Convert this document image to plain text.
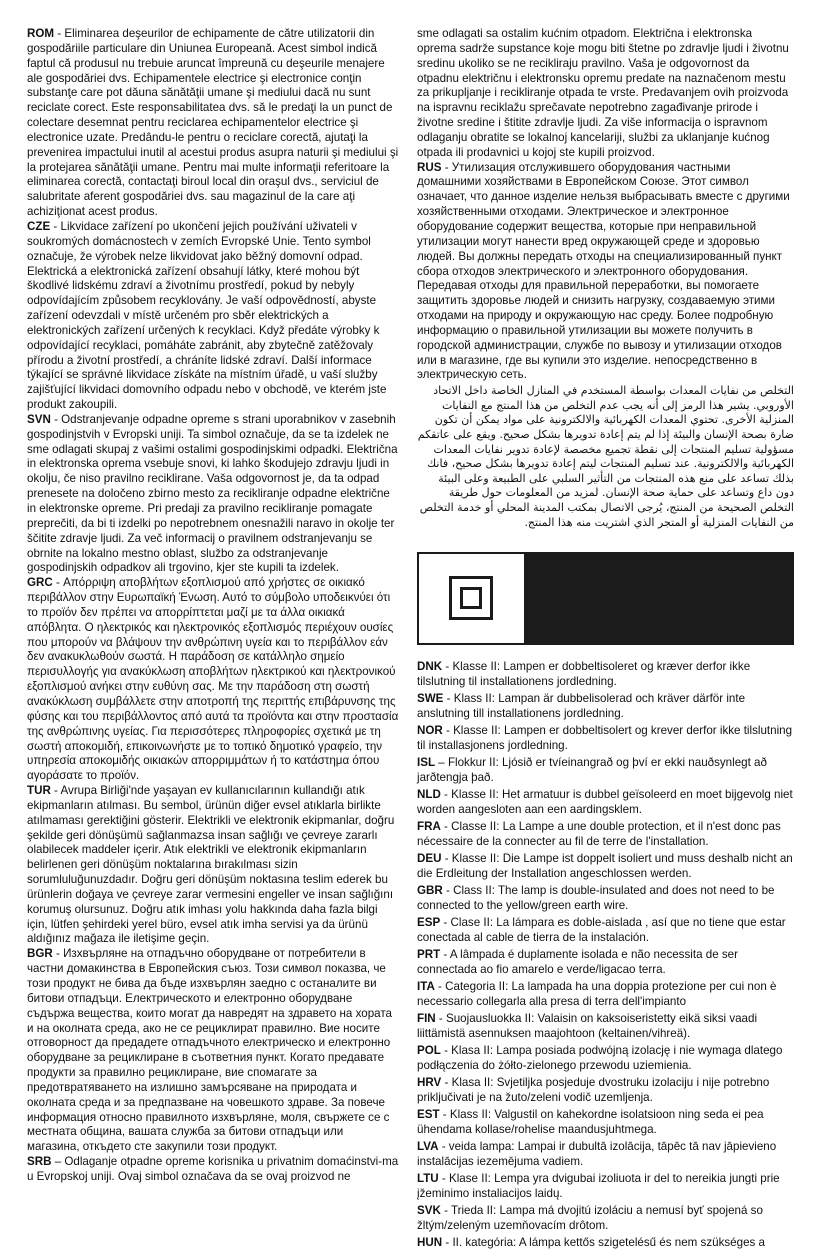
ROM - Eliminarea deşeurilor de echipamente de către utilizatorii din gospodăriile particulare din Uniunea Europeană. Acest simbol indică faptul că produsul nu trebuie aruncat împreună cu deşeurile menajere ale gospodăriei dvs. Echipamentele electrice şi electronice conţin substanţe care pot dăuna sănătăţii umane şi mediului dacă nu sunt reciclate corect. Este responsabilitatea dvs. să le predaţi la un punct de colectare desemnat pentru reciclarea echipamentelor electrice şi electronice uzate. Predându-le pentru o reciclare corectă, ajutaţi la prevenirea impactului inutil al acestui produs asupra naturii şi mediului şi la protejarea sănătăţii umane. Pentru mai multe informaţii referitoare la eliminarea corectă, contactaţi biroul local din oraşul dvs., serviciul de salubritate aferent gospodăriei dvs. sau magazinul de la care aţi achiziţionat acest produs.

CZE - Likvidace zařízení po ukončení jejich používání uživateli v soukromých domácnostech v zemích Evropské Unie. Tento symbol označuje, že výrobek nelze likvidovat jako běžný domovní odpad. Elektrická a elektronická zařízení obsahují látky, které mohou být škodlivé lidskému zdraví a životnímu prostředí, pokud by nebyly odpovídajícím způsobem recyklovány. Je vaší odpovědností, abyste zařízení odevzdali v místě určeném pro sběr elektrických a elektronických zařízení určených k recyklaci. Když předáte výrobky k odpovídající recyklaci, pomáháte zabránit, aby zbytečně zatěžovaly přírodu a životní prostředí, a chráníte lidské zdraví. Další informace týkající se správné likvidace získáte na místním úřadě, u vaší služby zajišťující likvidaci domovního odpadu nebo v obchodě, ve kterém jste produkt zakoupili.

SVN - Odstranjevanje odpadne opreme s strani uporabnikov v zasebnih gospodinjstvih v Evropski uniji. Ta simbol označuje, da se ta izdelek ne sme odlagati skupaj z vašimi ostalimi gospodinjskimi odpadki. Električna in elektronska oprema vsebuje snovi, ki lahko škodujejo zdravju ljudi in okolju, če niso pravilno reciklirane. Vaša odgovornost je, da ta odpad prenesete na določeno zbirno mesto za recikliranje odpadne električne in elektronske opreme. Pri predaji za pravilno recikliranje pomagate preprečiti, da bi ti izdelki po nepotrebnem onesnažili naravo in okolje ter ščitite zdravje ljudi. Za več informacij o pravilnem odstranjevanju se obrnite na lokalno mestno oblast, službo za odstranjevanje gospodinjskih odpadkov ali trgovino, kjer ste kupili ta izdelek.

GRC - Απόρριψη αποβλήτων εξοπλισμού από χρήστες σε οικιακό περιβάλλον στην Ευρωπαϊκή Ένωση. Αυτό το σύμβολο υποδεικνύει ότι το προϊόν δεν πρέπει να απορρίπτεται μαζί με τα άλλα οικιακά απόβλητα. Ο ηλεκτρικός και ηλεκτρονικός εξοπλισμός περιέχουν ουσίες που μπορούν να βλάψουν την ανθρώπινη υγεία και το περιβάλλον εάν δεν ανακυκλωθούν σωστά. Η παράδοση σε κατάλληλο σημείο περισυλλογής για ανακύκλωση αποβλήτων ηλεκτρικού και ηλεκτρονικού εξοπλισμού ανήκει στην ευθύνη σας. Με την παράδοση στη σωστή ανακύκλωση συμβάλλετε στην αποτροπή της περιττής επιβάρυνσης της φύσης και του περιβάλλοντος από αυτά τα προϊόντα και στην προστασία της ανθρώπινης υγείας. Για περισσότερες πληροφορίες σχετικά με τη σωστή αποκομιδή, επικοινωνήστε με το τοπικό δημοτικό γραφείο, την υπηρεσία αποκομιδής οικιακών απορριμμάτων ή το κατάστημα όπου αγοράσατε το προϊόν.

TUR - Avrupa Birliği'nde yaşayan ev kullanıcılarının kullandığı atık ekipmanların atılması. Bu sembol, ürünün diğer evsel atıklarla birlikte atılmaması gerektiğini gösterir. Elektrikli ve elektronik ekipmanlar, doğru şekilde geri dönüşümü sağlanmazsa insan sağlığı ve çevreye zararlı olabilecek maddeler içerir. Atık elektrikli ve elektronik ekipmanların belirlenen geri dönüşüm noktalarına bırakılması sizin sorumluluğunuzdadır. Doğru geri dönüşüm noktasına teslim ederek bu ürünlerin doğaya ve çevreye zarar vermesini engeller ve insan sağlığını korumuş olursunuz. Doğru atık imhası yolu hakkında daha fazla bilgi için, lütfen şehirdeki yerel büro, evsel atık imha servisi ya da ürünü aldığınız mağaza ile iletişime geçin.

BGR - Изхвърляне на отпадъчно оборудване от потребители в частни домакинства в Европейския съюз. Този символ показва, че този продукт не бива да бъде изхвърлян заедно с останалите ви битови отпадъци. Електрическото и електронно оборудване съдържа вещества, които могат да навредят на здравето на хората и на околната среда, ако не се рециклират правилно. Вие носите отговорност да предадете отпадъчното електрическо и електронно оборудване за рециклиране в съответния пункт. Когато предавате продукти за правилно рециклиране, вие спомагате за предотвратяването на излишно замърсяване на природата и околната среда и за предпазване на човешкото здраве. За повече информация относно правилното изхвърляне, моля, свържете се с местната община, вашата служба за битови отпадъци или магазина, откъдето сте закупили този продукт.

SRB – Odlaganje otpadne opreme korisnika u privatnim domaćinstvi-ma u Evropskoj uniji. Ovaj simbol označava da se ovaj proizvod ne

sme odlagati sa ostalim kućnim otpadom. Električna i elektronska oprema sadrže supstance koje mogu biti štetne po zdravlje ljudi i životnu sredinu ukoliko se ne recikliraju pravilno. Vaša je odgovornost da otpadnu električnu i elektronsku opremu predate na naznačenom mestu za prikupljanje i recikliranje otpada te vrste. Predavanjem ovih proizvoda na ispravnu reciklažu sprečavate nepotrebno zagađivanje prirode i životne sredine i štitite zdravlje ljudi. Za više informacija o ispravnom odlaganju obratite se lokalnoj kancelariji, službi za uklanjanje kućnog otpada ili prodavnici u kojoj ste kupili proizvod.

RUS - Утилизация отслужившего оборудования частными домашними хозяйствами в Европейском Союзе. Этот символ означает, что данное изделие нельзя выбрасывать вместе с другими хозяйственными отходами. Электрическое и электронное оборудование содержит вещества, которые при неправильной утилизации могут нанести вред окружающей среде и здоровью людей. Вы должны передать отходы на специализированный пункт сбора отходов электрического и электронного оборудования. Передавая отходы для правильной переработки, вы помогаете защитить здоровье людей и снизить нагрузку, создаваемую этими отходами на природу и окружающую нас среду. Более подробную информацию о правильной утилизации вы можете получить в городской администрации, службе по вывозу и утилизации отходов или в магазине, где вы купили это изделие. непосредственно в электрическую сеть.

التخلص من نفايات المعدات بواسطة المستخدم في المنازل الخاصة داخل الاتحاد الأوروبي. يشير هذا الرمز إلى أنه يجب عدم التخلص من هذا المنتج مع النفايات المنزلية الأخرى. تحتوي المعدات الكهربائية والالكترونية على مواد يمكن أن تكون ضارة بصحة الإنسان والبيئة إذا لم يتم إعادة تدويرها بشكل صحيح. ويقع على عاتقكم مسؤولية تسليم المنتجات إلى نقطة تجميع مخصصة لإعادة تدوير نفايات المعدات الكهربائية والالكترونية. عند تسليم المنتجات ليتم إعادة تدويرها بشكل صحيح، فانك بذلك تساعد على منع هذه المنتجات من التأثير السلبي على الطبيعة وعلى البيئة دون داع وتساعد على حماية صحة الإنسان. لمزيد من المعلومات حول طريقة التخلص الصحيحة من المنتج، يُرجى الاتصال بمكتب المدينة المحلي أو خدمة التخلص من النفايات المنزلية أو المتجر الذي اشتريت منه هذا المنتج.

DNK - Klasse II: Lampen er dobbeltisoleret og kræver derfor ikke tilslutning til installationens jordledning.

SWE - Klass II: Lampan är dubbelisolerad och kräver därför inte anslutning till installationens jordledning.

NOR - Klasse II: Lampen er dobbeltisolert og krever derfor ikke tilslutning til installasjonens jordledning.

ISL – Flokkur II: Ljósið er tvíeinangrað og því er ekki nauðsynlegt að jarðtengja það.

NLD - Klasse II: Het armatuur is dubbel geïsoleerd en moet bijgevolg niet worden aangesloten aan een aardingsklem.

FRA - Classe II: La Lampe a une double protection, et il n'est donc pas nécessaire de la connecter au fil de terre de l'installation.

DEU - Klasse II: Die Lampe ist doppelt isoliert und muss deshalb nicht an die Erdleitung der Installation angeschlossen werden.

GBR - Class II: The lamp is double-insulated and does not need to be connected to the yellow/green earth wire.

ESP - Clase II: La lámpara es doble-aislada , así que no tiene que estar conectada al cable de tierra de la instalación.

PRT - A lâmpada é duplamente isolada e não necessita de ser connectada ao fio amarelo e verde/ligacao terra.

ITA - Categoria II: La lampada ha una doppia protezione per cui non è necessario collegarla alla presa di terra dell'impianto

FIN - Suojausluokka II: Valaisin on kaksoiseristetty eikä siksi vaadi liittämistä asennuksen maajohtoon (keltainen/vihreä).

POL - Klasa II: Lampa posiada podwójną izolację i nie wymaga dlatego podłączenia do żółto-zielonego przewodu uziemienia.

HRV - Klasa II: Svjetiljka posjeduje dvostruku izolaciju i nije potrebno priključivati je na žuto/zeleni vodič uzemljenja.

EST - Klass II: Valgustil on kahekordne isolatsioon ning seda ei pea ühendama kollase/rohelise maandusjuhtmega.

LVA - veida lampa: Lampai ir dubultā izolācija, tāpēc tā nav jāpievieno instalācijas iezemējuma vadiem.

LTU - Klase II: Lempa yra dvigubai izoliuota ir del to nereikia jungti prie įžeminimo instaliacijos laidų.

SVK - Trieda II: Lampa má dvojitú izoláciu a nemusí byť spojená so žltým/zeleným uzemňovacím drôtom.

HUN - II. kategória: A lámpa kettős szigetelésű és nem szükséges a
